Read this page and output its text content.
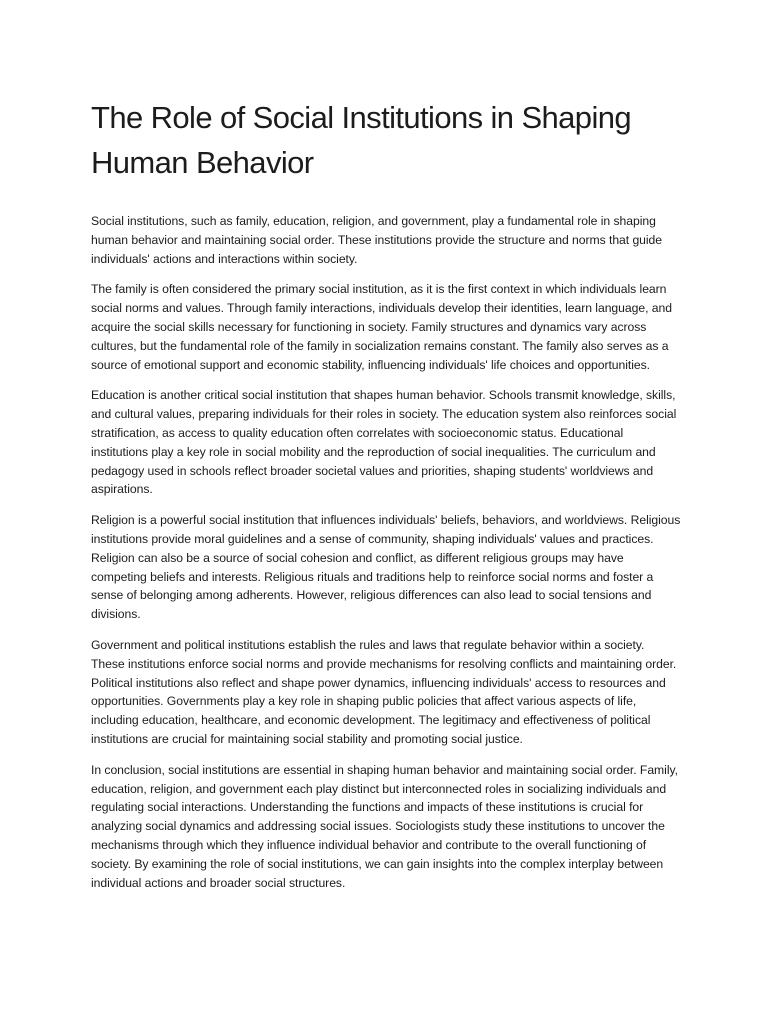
The Role of Social Institutions in Shaping Human Behavior

Social institutions, such as family, education, religion, and government, play a fundamental role in shaping human behavior and maintaining social order. These institutions provide the structure and norms that guide individuals' actions and interactions within society.

The family is often considered the primary social institution, as it is the first context in which individuals learn social norms and values. Through family interactions, individuals develop their identities, learn language, and acquire the social skills necessary for functioning in society. Family structures and dynamics vary across cultures, but the fundamental role of the family in socialization remains constant. The family also serves as a source of emotional support and economic stability, influencing individuals' life choices and opportunities.

Education is another critical social institution that shapes human behavior. Schools transmit knowledge, skills, and cultural values, preparing individuals for their roles in society. The education system also reinforces social stratification, as access to quality education often correlates with socioeconomic status. Educational institutions play a key role in social mobility and the reproduction of social inequalities. The curriculum and pedagogy used in schools reflect broader societal values and priorities, shaping students' worldviews and aspirations.

Religion is a powerful social institution that influences individuals' beliefs, behaviors, and worldviews. Religious institutions provide moral guidelines and a sense of community, shaping individuals' values and practices. Religion can also be a source of social cohesion and conflict, as different religious groups may have competing beliefs and interests. Religious rituals and traditions help to reinforce social norms and foster a sense of belonging among adherents. However, religious differences can also lead to social tensions and divisions.

Government and political institutions establish the rules and laws that regulate behavior within a society. These institutions enforce social norms and provide mechanisms for resolving conflicts and maintaining order. Political institutions also reflect and shape power dynamics, influencing individuals' access to resources and opportunities. Governments play a key role in shaping public policies that affect various aspects of life, including education, healthcare, and economic development. The legitimacy and effectiveness of political institutions are crucial for maintaining social stability and promoting social justice.

In conclusion, social institutions are essential in shaping human behavior and maintaining social order. Family, education, religion, and government each play distinct but interconnected roles in socializing individuals and regulating social interactions. Understanding the functions and impacts of these institutions is crucial for analyzing social dynamics and addressing social issues. Sociologists study these institutions to uncover the mechanisms through which they influence individual behavior and contribute to the overall functioning of society. By examining the role of social institutions, we can gain insights into the complex interplay between individual actions and broader social structures.
